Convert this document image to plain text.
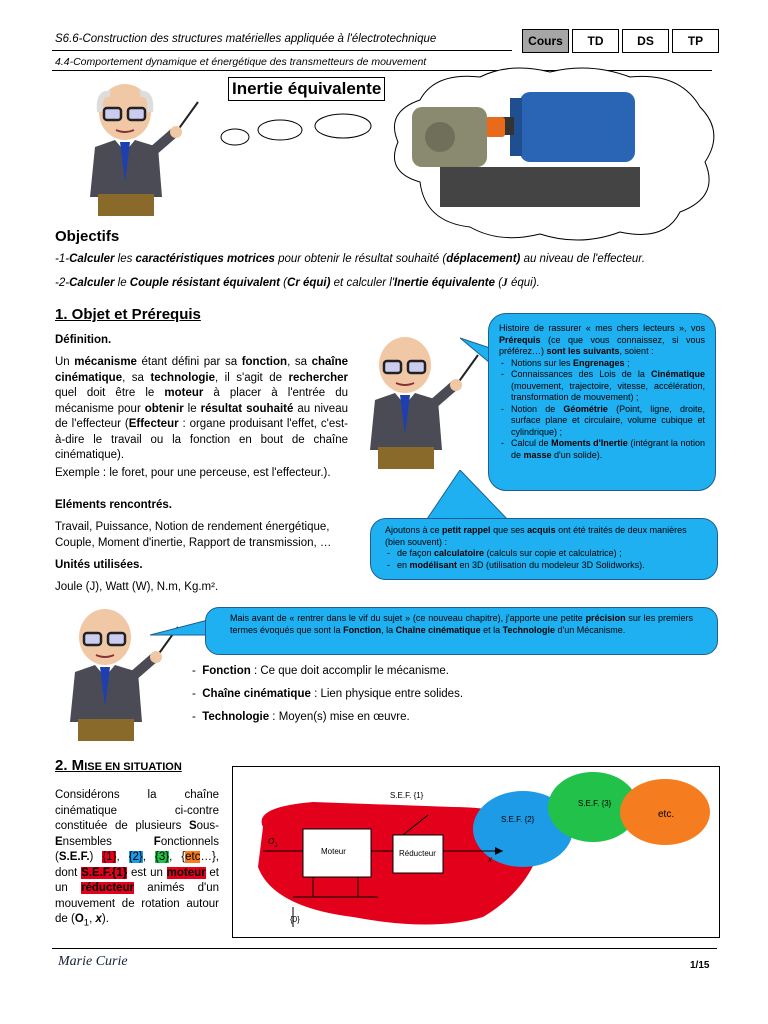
S6.6-Construction des structures matérielles appliquée à l'électrotechnique
4.4-Comportement dynamique et énergétique des transmetteurs de mouvement
Cours	TD	DS	TP
Inertie équivalente
Objectifs
-1-Calculer les caractéristiques motrices pour obtenir le résultat souhaité (déplacement) au niveau de l'effecteur.
-2-Calculer le Couple résistant équivalent (Cr équi) et calculer l'Inertie équivalente (J équi).
1. Objet et Prérequis
Définition.
Un mécanisme étant défini par sa fonction, sa chaîne cinématique, sa technologie, il s'agit de rechercher quel doit être le moteur à placer à l'entrée du mécanisme pour obtenir le résultat souhaité au niveau de l'effecteur (Effecteur : organe produisant l'effet, c'est-à-dire le travail ou la fonction en bout de chaîne cinématique).
Exemple : le foret, pour une perceuse, est l'effecteur.).
Eléments rencontrés.
Travail, Puissance, Notion de rendement énergétique, Couple, Moment d'inertie, Rapport de transmission, …
Unités utilisées.
Joule (J), Watt (W), N.m, Kg.m².
Histoire de rassurer « mes chers lecteurs », vos Prérequis (ce que vous connaissez, si vous préférez…) sont les suivants, soient :
- Notions sur les Engrenages ;
- Connaissances des Lois de la Cinématique (mouvement, trajectoire, vitesse, accélération, transformation de mouvement) ;
- Notion de Géométrie (Point, ligne, droite, surface plane et circulaire, volume cubique et cylindrique) ;
- Calcul de Moments d'Inertie (intégrant la notion de masse d'un solide).
Ajoutons à ce petit rappel que ses acquis ont été traités de deux manières (bien souvent) :
- de façon calculatoire (calculs sur copie et calculatrice) ;
- en modélisant en 3D (utilisation du modeleur 3D Solidworks).
Mais avant de « rentrer dans le vif du sujet » (ce nouveau chapitre), j'apporte une petite précision sur les premiers termes évoqués que sont la Fonction, la Chaîne cinématique et la Technologie d'un Mécanisme.
-  Fonction : Ce que doit accomplir le mécanisme.
-  Chaîne cinématique : Lien physique entre solides.
-  Technologie : Moyen(s) mise en œuvre.
2. MISE EN SITUATION
Considérons la chaîne cinématique ci-contre constituée de plusieurs Sous-Ensembles Fonctionnels (S.E.F.) {1}, {2}, {3}, {etc…}, dont S.E.F.{1} est un moteur et un réducteur animés d'un mouvement de rotation autour de ($O_1$, x).
S.E.F. {1}
S.E.F. {2}
S.E.F. {3}
etc.
Moteur	Réducteur
$O_1$
x
{0}
Marie Curie	1/15
